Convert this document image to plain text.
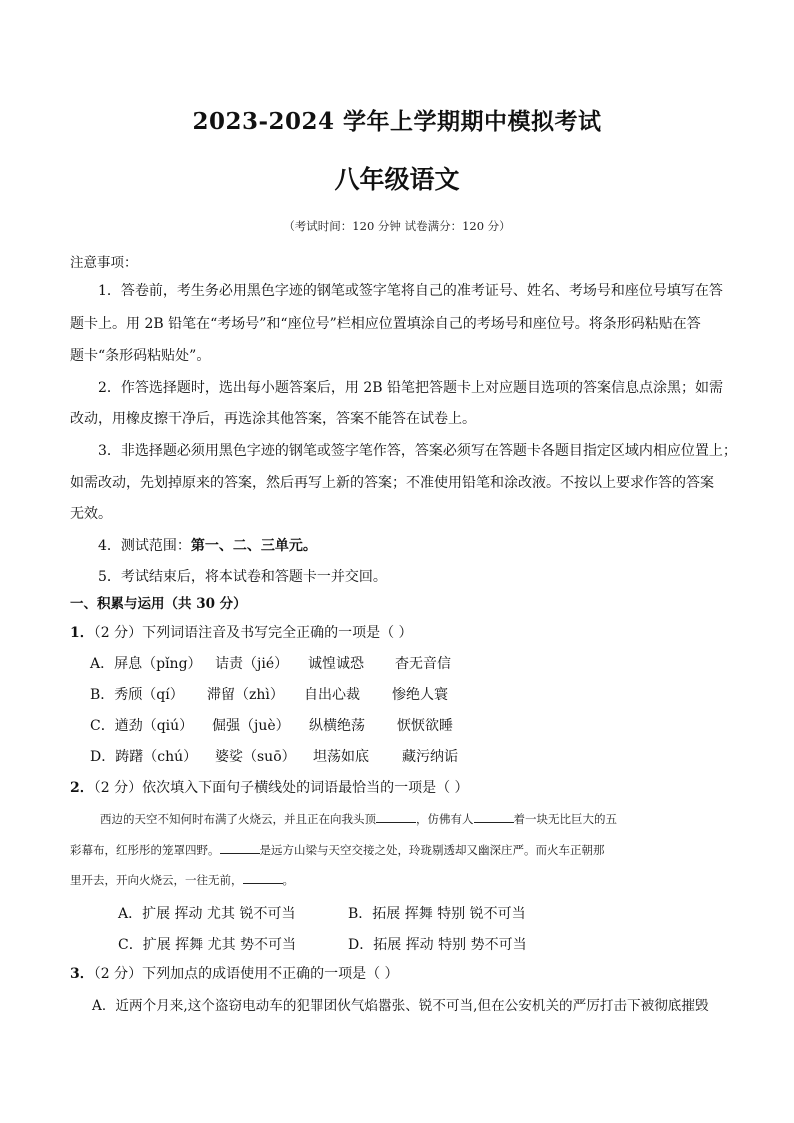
2023-2024 学年上学期期中模拟考试
八年级语文
（考试时间：120 分钟 试卷满分：120 分）
注意事项：
1．答卷前，考生务必用黑色字迹的钢笔或签字笔将自己的准考证号、姓名、考场号和座位号填写在答
题卡上。用 2B 铅笔在“考场号”和“座位号”栏相应位置填涂自己的考场号和座位号。将条形码粘贴在答
题卡“条形码粘贴处”。
2．作答选择题时，选出每小题答案后，用 2B 铅笔把答题卡上对应题目选项的答案信息点涂黑；如需
改动，用橡皮擦干净后，再选涂其他答案，答案不能答在试卷上。
3．非选择题必须用黑色字迹的钢笔或签字笔作答，答案必须写在答题卡各题目指定区域内相应位置上；
如需改动，先划掉原来的答案，然后再写上新的答案；不准使用铅笔和涂改液。不按以上要求作答的答案
无效。
4．测试范围：第一、二、三单元。
5．考试结束后，将本试卷和答题卡一并交回。
一、积累与运用（共 30 分）
1．（2 分）下列词语注音及书写完全正确的一项是（ ）
A．屏息（pǐng） 诘责（jié） 诚惶诚恐 杳无音信
B．秀颀（qí） 滞留（zhì） 自出心裁 惨绝人寰
C．遒劲（qiú） 倔强（juè） 纵横绝荡 恹恹欲睡
D．踌躇（chú） 婆娑（suō） 坦荡如底 藏污纳诟
2．（2 分）依次填入下面句子横线处的词语最恰当的一项是（ ）
西边的天空不知何时布满了火烧云，并且正在向我头顶	，仿佛有人	着一块无比巨大的五
彩幕布，红彤彤的笼罩四野。	是远方山梁与天空交接之处，玲珑剔透却又幽深庄严。而火车正朝那
里开去，开向火烧云，一往无前，	。
A．扩展 挥动 尤其 锐不可当	B．拓展 挥舞 特别 锐不可当
C．扩展 挥舞 尤其 势不可当	D．拓展 挥动 特别 势不可当
3．（2 分）下列加点的成语使用不正确的一项是（ ）
A．近两个月来,这个盗窃电动车的犯罪团伙气焰嚣张、锐不可当,但在公安机关的严厉打击下被彻底摧毁
